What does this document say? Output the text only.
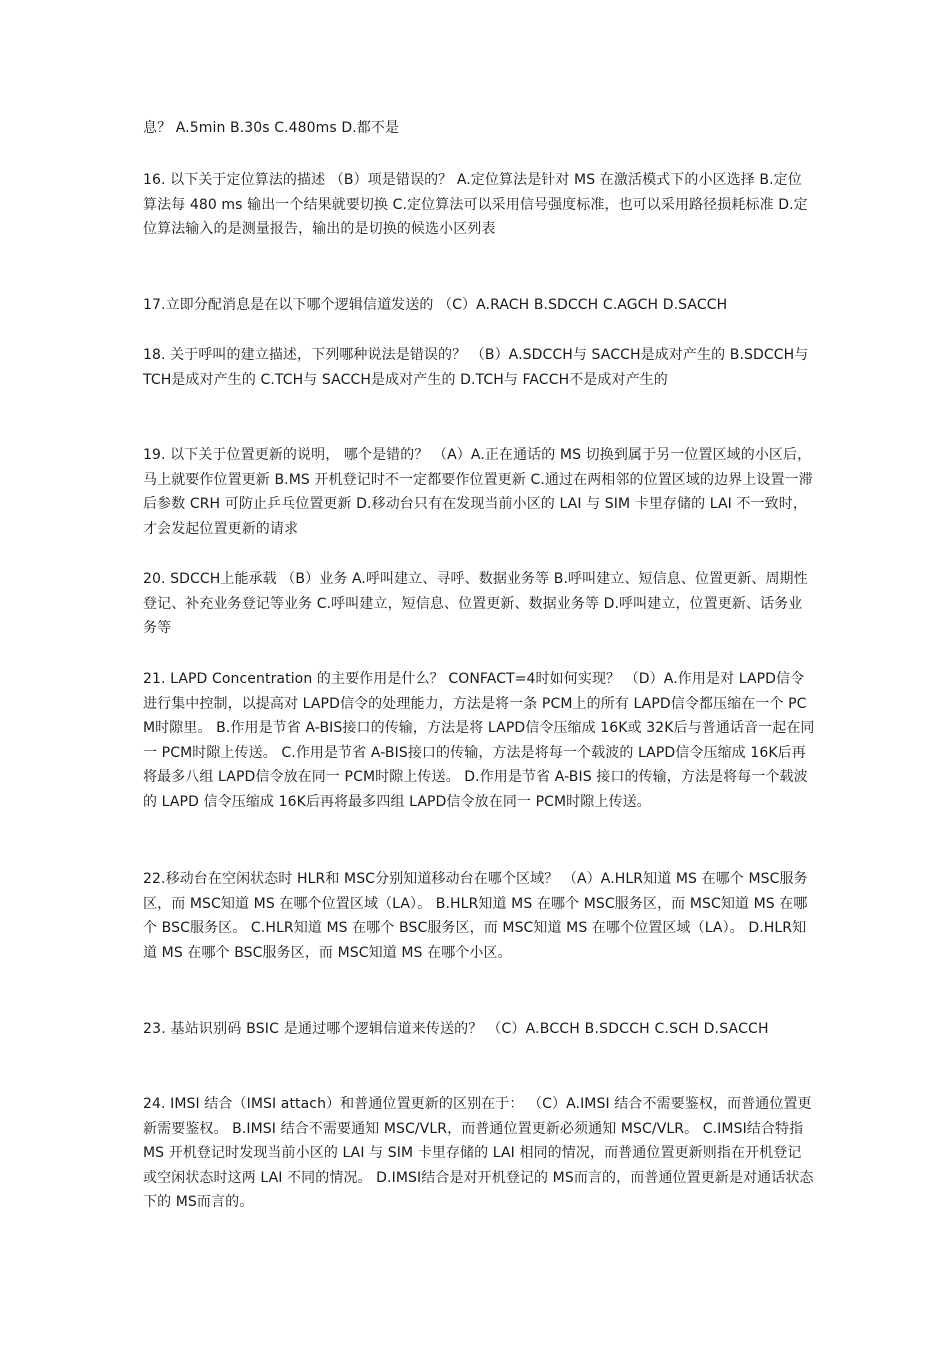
息？ A.5min B.30s C.480ms D.都不是

16. 以下关于定位算法的描述 （B）项是错误的？ A.定位算法是针对 MS 在激活模式下的小区选择 B.定位算法每 480 ms 输出一个结果就要切换 C.定位算法可以采用信号强度标准，也可以采用路径损耗标准 D.定位算法输入的是测量报告，输出的是切换的候选小区列表

17.立即分配消息是在以下哪个逻辑信道发送的 （C）A.RACH B.SDCCH C.AGCH D.SACCH

18. 关于呼叫的建立描述，下列哪种说法是错误的？ （B）A.SDCCH与 SACCH是成对产生的 B.SDCCH与 TCH是成对产生的 C.TCH与 SACCH是成对产生的 D.TCH与 FACCH不是成对产生的

19. 以下关于位置更新的说明， 哪个是错的？ （A）A.正在通话的 MS 切换到属于另一位置区域的小区后，马上就要作位置更新 B.MS 开机登记时不一定都要作位置更新 C.通过在两相邻的位置区域的边界上设置一滞后参数 CRH 可防止乒乓位置更新 D.移动台只有在发现当前小区的 LAI 与 SIM 卡里存储的 LAI 不一致时，才会发起位置更新的请求

20. SDCCH上能承载 （B）业务 A.呼叫建立、寻呼、数据业务等 B.呼叫建立、短信息、位置更新、周期性登记、补充业务登记等业务 C.呼叫建立，短信息、位置更新、数据业务等 D.呼叫建立，位置更新、话务业务等

21. LAPD Concentration 的主要作用是什么？ CONFACT=4时如何实现？ （D）A.作用是对 LAPD信令进行集中控制，以提高对 LAPD信令的处理能力，方法是将一条 PCM上的所有 LAPD信令都压缩在一个 PCM时隙里。 B.作用是节省 A-BIS接口的传输，方法是将 LAPD信令压缩成 16K或 32K后与普通话音一起在同一 PCM时隙上传送。 C.作用是节省 A-BIS接口的传输，方法是将每一个载波的 LAPD信令压缩成 16K后再将最多八组 LAPD信令放在同一 PCM时隙上传送。 D.作用是节省 A-BIS 接口的传输，方法是将每一个载波的 LAPD 信令压缩成 16K后再将最多四组 LAPD信令放在同一 PCM时隙上传送。

22.移动台在空闲状态时 HLR和 MSC分别知道移动台在哪个区域？ （A）A.HLR知道 MS 在哪个 MSC服务区，而 MSC知道 MS 在哪个位置区域（LA）。 B.HLR知道 MS 在哪个 MSC服务区，而 MSC知道 MS 在哪个 BSC服务区。 C.HLR知道 MS 在哪个 BSC服务区，而 MSC知道 MS 在哪个位置区域（LA）。 D.HLR知道 MS 在哪个 BSC服务区，而 MSC知道 MS 在哪个小区。

23. 基站识别码 BSIC 是通过哪个逻辑信道来传送的？ （C）A.BCCH B.SDCCH C.SCH D.SACCH

24. IMSI 结合（IMSI attach）和普通位置更新的区别在于： （C）A.IMSI 结合不需要鉴权，而普通位置更新需要鉴权。 B.IMSI 结合不需要通知 MSC/VLR，而普通位置更新必须通知 MSC/VLR。 C.IMSI结合特指 MS 开机登记时发现当前小区的 LAI 与 SIM 卡里存储的 LAI 相同的情况，而普通位置更新则指在开机登记或空闲状态时这两 LAI 不同的情况。 D.IMSI结合是对开机登记的 MS而言的，而普通位置更新是对通话状态下的 MS而言的。
